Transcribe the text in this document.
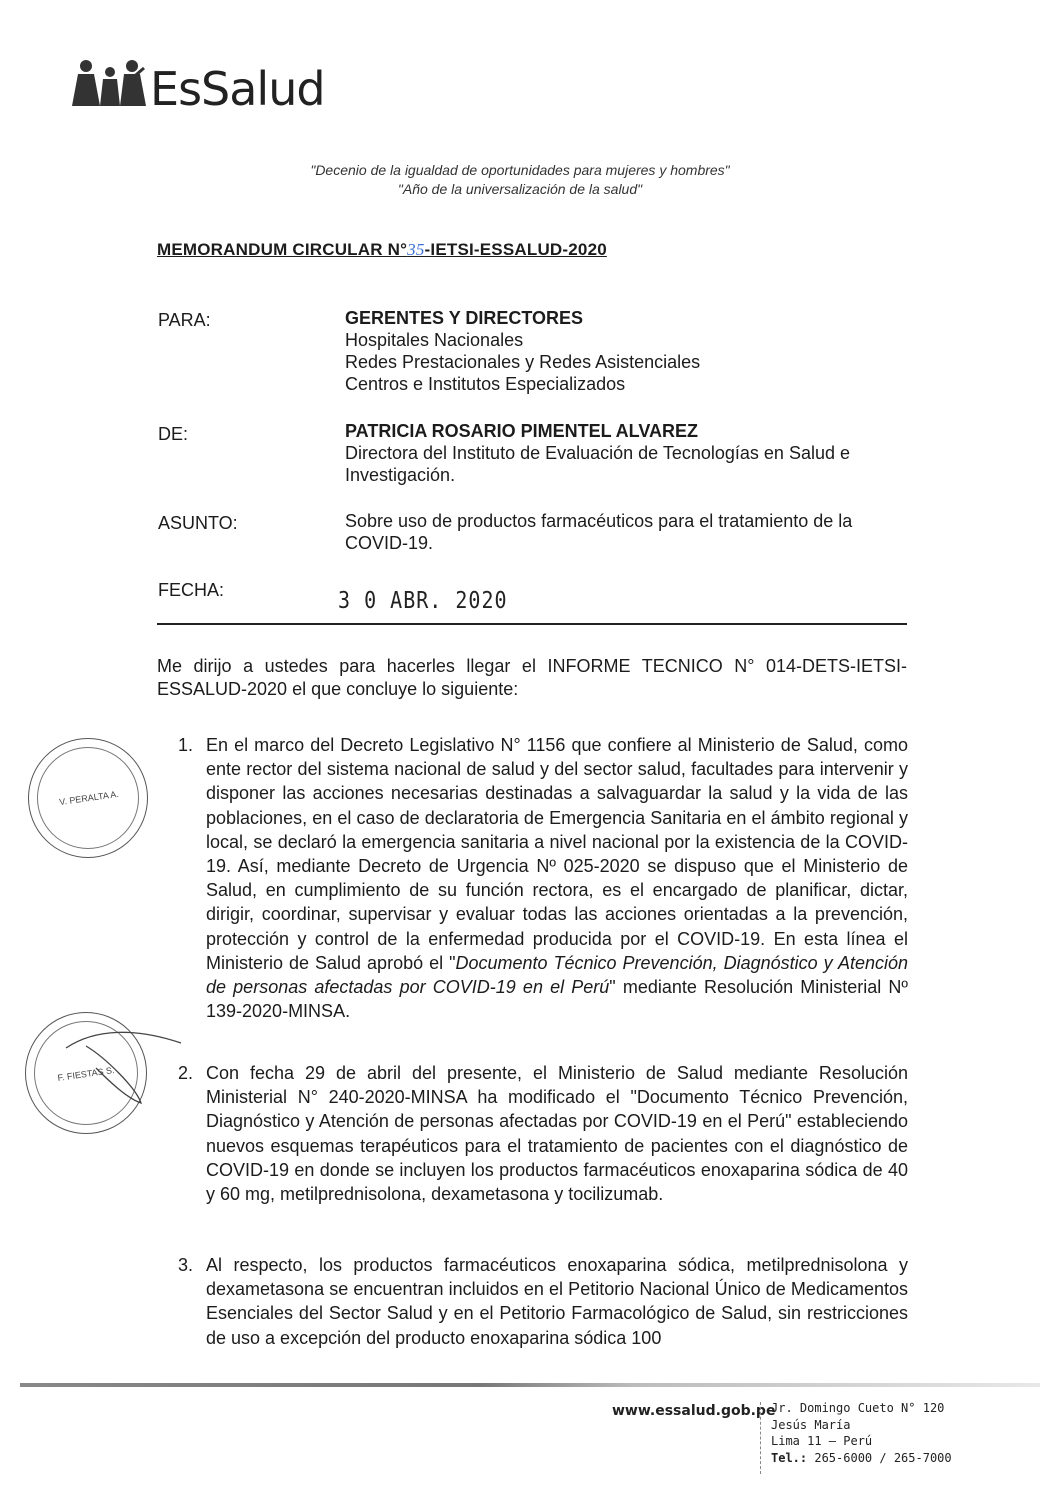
EsSalud
"Decenio de la igualdad de oportunidades para mujeres y hombres"
"Año de la universalización de la salud"
MEMORANDUM CIRCULAR N°35-IETSI-ESSALUD-2020
PARA:	GERENTES Y DIRECTORES
Hospitales Nacionales
Redes Prestacionales y Redes Asistenciales
Centros e Institutos Especializados
DE:	PATRICIA ROSARIO PIMENTEL ALVAREZ
Directora del Instituto de Evaluación de Tecnologías en Salud e Investigación.
ASUNTO:	Sobre uso de productos farmacéuticos para el tratamiento de la COVID-19.
FECHA:	3 0 ABR. 2020
Me dirijo a ustedes para hacerles llegar el INFORME TECNICO N° 014-DETS-IETSI-ESSALUD-2020 el que concluye lo siguiente:
1. En el marco del Decreto Legislativo N° 1156 que confiere al Ministerio de Salud, como ente rector del sistema nacional de salud y del sector salud, facultades para intervenir y disponer las acciones necesarias destinadas a salvaguardar la salud y la vida de las poblaciones, en el caso de declaratoria de Emergencia Sanitaria en el ámbito regional y local, se declaró la emergencia sanitaria a nivel nacional por la existencia de la COVID-19. Así, mediante Decreto de Urgencia Nº 025-2020 se dispuso que el Ministerio de Salud, en cumplimiento de su función rectora, es el encargado de planificar, dictar, dirigir, coordinar, supervisar y evaluar todas las acciones orientadas a la prevención, protección y control de la enfermedad producida por el COVID-19. En esta línea el Ministerio de Salud aprobó el "Documento Técnico Prevención, Diagnóstico y Atención de personas afectadas por COVID-19 en el Perú" mediante Resolución Ministerial Nº 139-2020-MINSA.
2. Con fecha 29 de abril del presente, el Ministerio de Salud mediante Resolución Ministerial N° 240-2020-MINSA ha modificado el "Documento Técnico Prevención, Diagnóstico y Atención de personas afectadas por COVID-19 en el Perú" estableciendo nuevos esquemas terapéuticos para el tratamiento de pacientes con el diagnóstico de COVID-19 en donde se incluyen los productos farmacéuticos enoxaparina sódica de 40 y 60 mg, metilprednisolona, dexametasona y tocilizumab.
3. Al respecto, los productos farmacéuticos enoxaparina sódica, metilprednisolona y dexametasona se encuentran incluidos en el Petitorio Nacional Único de Medicamentos Esenciales del Sector Salud y en el Petitorio Farmacológico de Salud, sin restricciones de uso a excepción del producto enoxaparina sódica 100
V. PERALTA A.
F. FIESTAS S.
www.essalud.gob.pe
Jr. Domingo Cueto N° 120
Jesús María
Lima 11 – Perú
Tel.: 265-6000 / 265-7000
